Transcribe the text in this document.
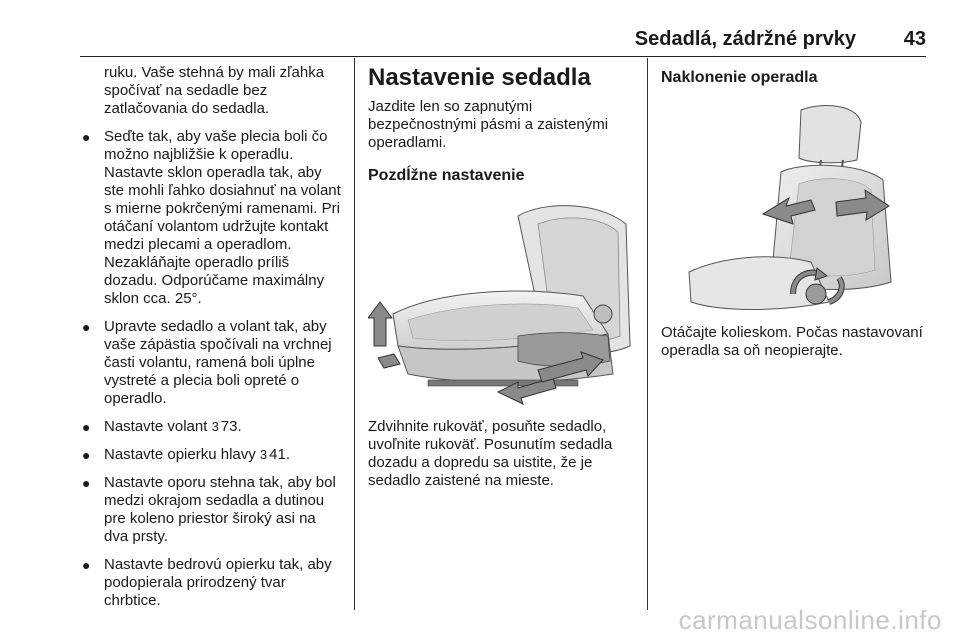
Sedadlá, zádržné prvky 43

ruku. Vaše stehná by mali zľahka spočívať na sedadle bez zatlačovania do sedadla.

● Seďte tak, aby vaše plecia boli čo možno najbližšie k operadlu. Nastavte sklon operadla tak, aby ste mohli ľahko dosiahnuť na volant s mierne pokrčenými ramenami. Pri otáčaní volantom udržujte kontakt medzi plecami a operadlom. Nezakláňajte operadlo príliš dozadu. Odporúčame maximálny sklon cca. 25°.
● Upravte sedadlo a volant tak, aby vaše zápästia spočívali na vrchnej časti volantu, ramená boli úplne vystreté a plecia boli opreté o operadlo.
● Nastavte volant 3 73.
● Nastavte opierku hlavy 3 41.
● Nastavte oporu stehna tak, aby bol medzi okrajom sedadla a dutinou pre koleno priestor široký asi na dva prsty.
● Nastavte bedrovú opierku tak, aby podopierala prirodzený tvar chrbtice.
Nastavenie sedadla

Jazdite len so zapnutými bezpečnostnými pásmi a zaistenými operadlami.

Pozdĺžne nastavenie

Zdvihnite rukoväť, posuňte sedadlo, uvoľnite rukoväť. Posunutím sedadla dozadu a dopredu sa uistite, že je sedadlo zaistené na mieste.

Naklonenie operadla

Otáčajte kolieskom. Počas nastavovaní operadla sa oň neopierajte.

carmanualsonline.info
